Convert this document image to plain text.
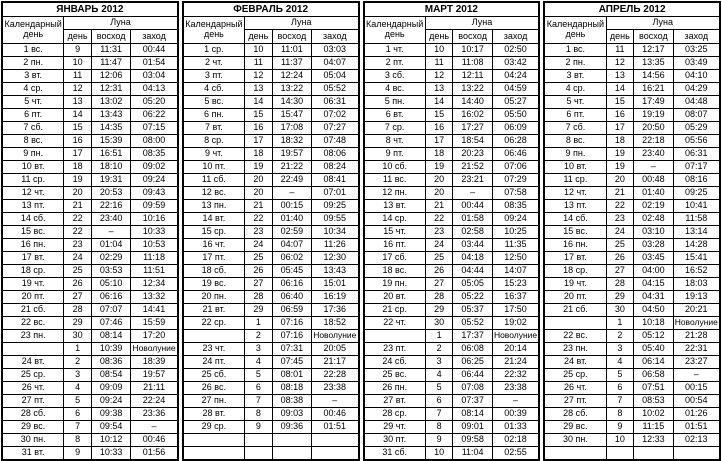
ЯНВАРЬ 2012			
Календарный день	Луна		
	день	восход	заход
1 вс.	9	11:31	00:44
2 пн.	10	11:47	01:54
3 вт.	11	12:06	03:04
4 ср.	12	12:31	04:13
5 чт.	13	13:02	05:20
6 пт.	14	13:43	06:22
7 сб.	15	14:35	07:15
8 вс.	16	15:39	08:00
9 пн.	17	16:51	08:35
10 вт.	18	18:10	09:02
11 ср.	19	19:31	09:24
12 чт.	20	20:53	09:43
13 пт.	21	22:16	09:59
14 сб.	22	23:40	10:16
15 вс.	22	–	10:33
16 пн.	23	01:04	10:53
17 вт.	24	02:29	11:18
18 ср.	25	03:53	11:51
19 чт.	26	05:10	12:34
20 пт.	27	06:16	13:32
21 сб.	28	07:07	14:41
22 вс.	29	07:46	15:59
23 пн.	30	08:14	17:20
	1	10:39	Новолуние
24 вт.	2	08:36	18:39
25 ср.	3	08:54	19:57
26 чт.	4	09:09	21:11
27 пт.	5	09:24	22:24
28 сб.	6	09:38	23:36
29 вс.	7	09:54	–
30 пн.	8	10:12	00:46
31 вт.	9	10:33	01:56
ФЕВРАЛЬ 2012			
Календарный день	Луна		
	день	восход	заход
1 ср.	10	11:01	03:03
2 чт.	11	11:37	04:07
3 пт.	12	12:24	05:04
4 сб.	13	13:22	05:52
5 вс.	14	14:30	06:31
6 пн.	15	15:47	07:02
7 вт.	16	17:08	07:27
8 ср.	17	18:32	07:48
9 чт.	18	19:57	08:06
10 пт.	19	21:22	08:24
11 сб.	20	22:49	08:41
12 вс.	20	–	07:01
13 пн.	21	00:15	09:25
14 вт.	22	01:40	09:55
15 ср.	23	02:59	10:34
16 чт.	24	04:07	11:26
17 пт.	25	06:02	12:30
18 сб.	26	05:45	13:43
19 вс.	27	06:16	15:01
20 пн.	28	06:40	16:19
21 вт.	29	06:59	17:36
22 ср.	1	07:16	18:52
	2	07:16	Новолуние
23 чт.	3	07:31	20:05
24 пт.	4	07:45	21:17
25 сб.	5	08:01	22:28
26 вс.	6	08:18	23:38
27 пн.	7	08:38	–
28 вт.	8	09:03	00:46
29 ср.	9	09:36	01:51

МАРТ 2012			
Календарный день	Луна		
	день	восход	заход
1 чт.	10	10:17	02:50
2 пт.	11	11:08	03:42
3 сб.	12	12:11	04:24
4 вс.	13	13:22	04:59
5 пн.	14	14:40	05:27
6 вт.	15	16:02	05:50
7 ср.	16	17:27	06:09
8 чт.	17	18:54	06:28
9 пт.	18	20:23	06:46
10 сб.	19	21:52	07:06
11 вс.	20	23:21	07:29
12 пн.	20	–	07:58
13 вт.	21	00:44	08:35
14 ср.	22	01:58	09:24
15 чт.	23	02:58	10:25
16 пт.	24	03:44	11:35
17 сб.	25	04:18	12:50
18 вс.	26	04:44	14:07
19 пн.	27	05:05	15:23
20 вт.	28	05:22	16:37
21 ср.	29	05:37	17:50
22 чт.	30	05:52	19:02
	1	17:37	Новолуние
23 пт.	2	06:08	20:14
24 сб.	3	06:25	21:24
25 вс.	4	06:44	22:32
26 пн.	5	07:08	23:38
27 вт.	6	07:37	–
28 ср.	7	08:14	00:39
29 чт.	8	09:01	01:33
30 пт.	9	09:58	02:18
31 сб.	10	11:04	02:55
АПРЕЛЬ 2012			
Календарный день	Луна		
	день	восход	заход
1 вс.	11	12:17	03:25
2 пн.	12	13:35	03:49
3 вт.	13	14:56	04:10
4 ср.	14	16:21	04:29
5 чт.	15	17:49	04:48
6 пт.	16	19:19	08:07
7 сб.	17	20:50	05:29
8 вс.	18	22:18	05:56
9 пн.	19	23:40	06:31
10 вт.	19	–	07:17
11 ср.	20	00:48	08:16
12 чт.	21	01:40	09:25
13 пт.	22	02:19	10:41
14 сб.	23	02:48	11:58
15 вс.	24	03:10	13:14
16 пн.	25	03:28	14:28
17 вт.	26	03:45	15:41
18 ср.	27	04:00	16:52
19 чт.	28	04:15	18:03
20 пт.	29	04:31	19:13
21 сб.	30	04:50	20:21
	1	10:18	Новолуние
22 вс.	2	05:12	21:28
23 пн.	3	05:40	22:31
24 вт.	4	06:14	23:27
25 ср.	5	06:58	–
26 чт.	6	07:51	00:15
27 пт.	7	08:53	00:54
28 сб.	8	10:02	01:26
29 вс.	9	11:15	01:51
30 пн.	10	12:33	02:13
